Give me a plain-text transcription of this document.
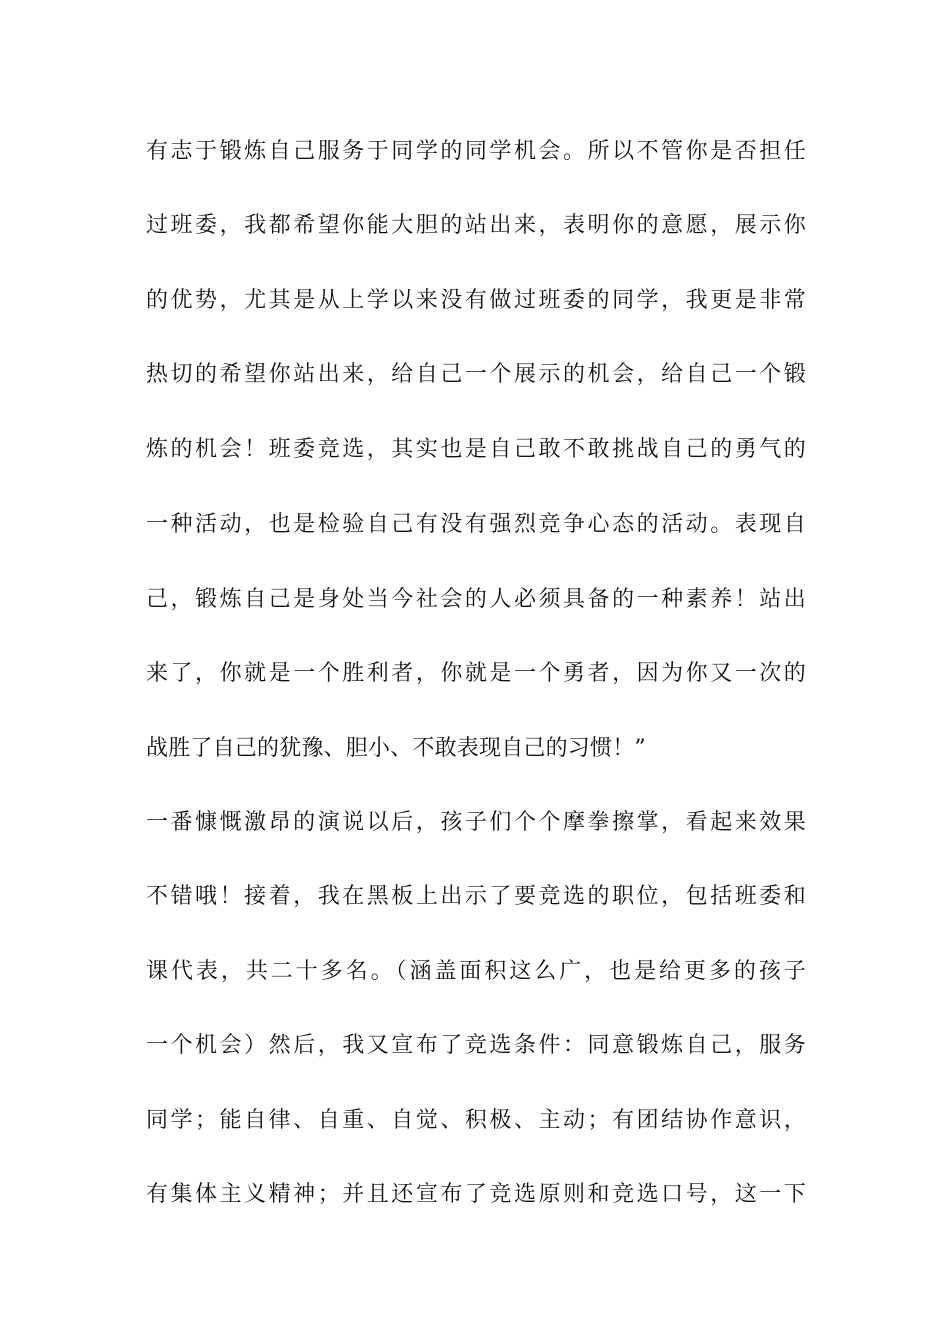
有志于锻炼自己服务于同学的同学机会。所以不管你是否担任
过班委，我都希望你能大胆的站出来，表明你的意愿，展示你
的优势，尤其是从上学以来没有做过班委的同学，我更是非常
热切的希望你站出来，给自己一个展示的机会，给自己一个锻
炼的机会！班委竞选，其实也是自己敢不敢挑战自己的勇气的
一种活动，也是检验自己有没有强烈竞争心态的活动。表现自
己，锻炼自己是身处当今社会的人必须具备的一种素养！站出
来了，你就是一个胜利者，你就是一个勇者，因为你又一次的
战胜了自己的犹豫、胆小、不敢表现自己的习惯！”
一番慷慨激昂的演说以后，孩子们个个摩拳擦掌，看起来效果
不错哦！接着，我在黑板上出示了要竞选的职位，包括班委和
课代表，共二十多名。（涵盖面积这么广，也是给更多的孩子
一个机会）然后，我又宣布了竞选条件：同意锻炼自己，服务
同学；能自律、自重、自觉、积极、主动；有团结协作意识，
有集体主义精神；并且还宣布了竞选原则和竞选口号，这一下
